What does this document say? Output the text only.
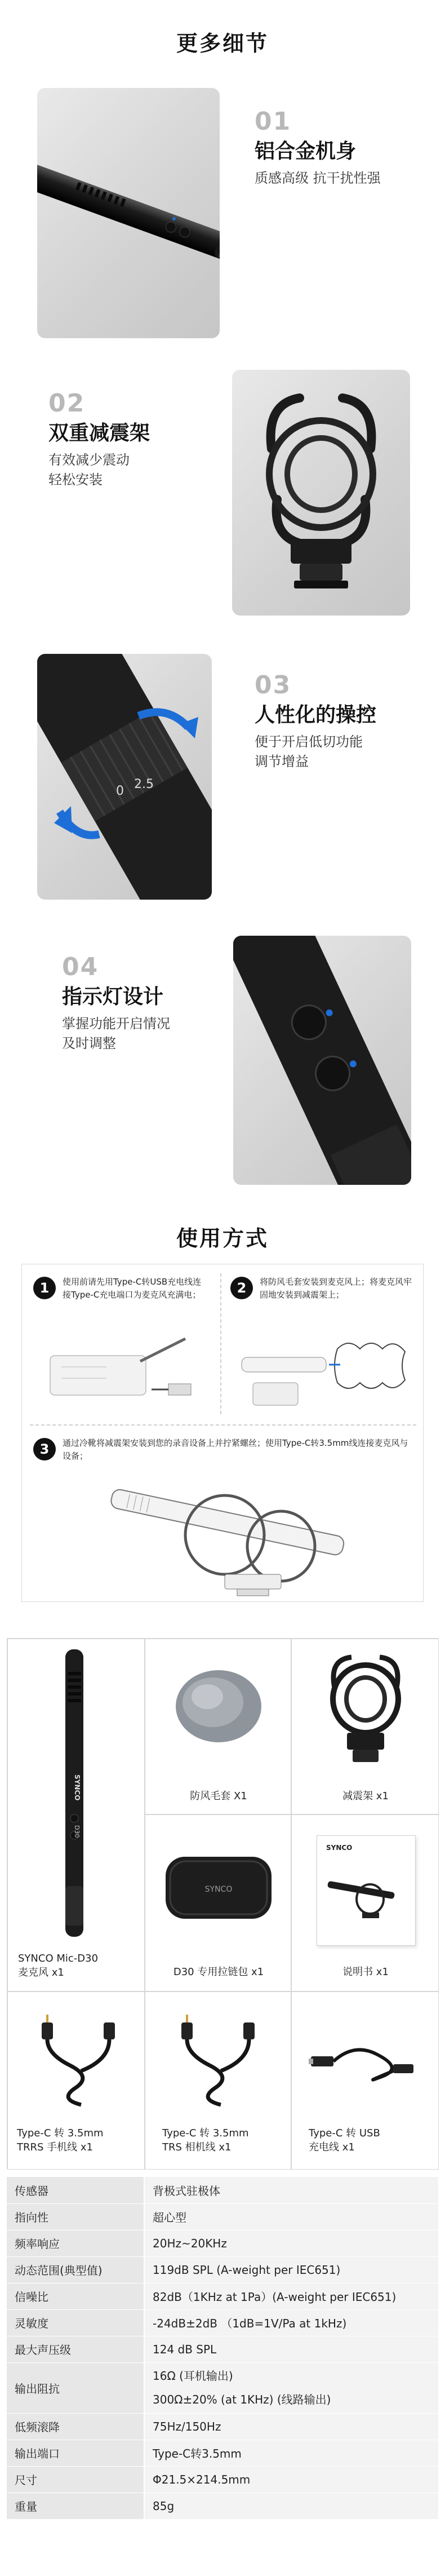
更多细节
01
铝合金机身
质感高级 抗干扰性强
02
双重减震架
有效减少震动
轻松安装
0 2.5
03
人性化的操控
便于开启低切功能
调节增益
04
指示灯设计
掌握功能开启情况
及时调整
使用方式
1	使用前请先用Type-C转USB充电线连接Type-C充电端口为麦克风充满电；	2	将防风毛套安装到麦克风上；将麦克风牢固地安装到减震架上；
3	通过冷靴将减震架安装到您的录音设备上并拧紧螺丝；使用Type-C转3.5mm线连接麦克风与设备；
SYNCO
D30
SYNCO Mic-D30
麦克风 x1
防风毛套 X1	减震架 x1
SYNCO
D30 专用拉链包 x1
SYNCO
说明书 x1
Type-C 转 3.5mm
TRRS 手机线 x1
Type-C 转 3.5mm
TRS 相机线 x1
Type-C 转 USB
充电线 x1
传感器	背极式驻极体
指向性	超心型
频率响应	20Hz~20KHz
动态范围(典型值)	119dB SPL (A-weight per IEC651)
信噪比	82dB（1KHz at 1Pa）(A-weight per IEC651)
灵敏度	-24dB±2dB （1dB=1V/Pa at 1kHz)
最大声压级	124 dB SPL
输出阻抗	16Ω (耳机输出)
300Ω±20% (at 1KHz) (线路输出)

低频滚降	75Hz/150Hz
输出端口	Type-C转3.5mm
尺寸	Φ21.5×214.5mm
重量	85g
